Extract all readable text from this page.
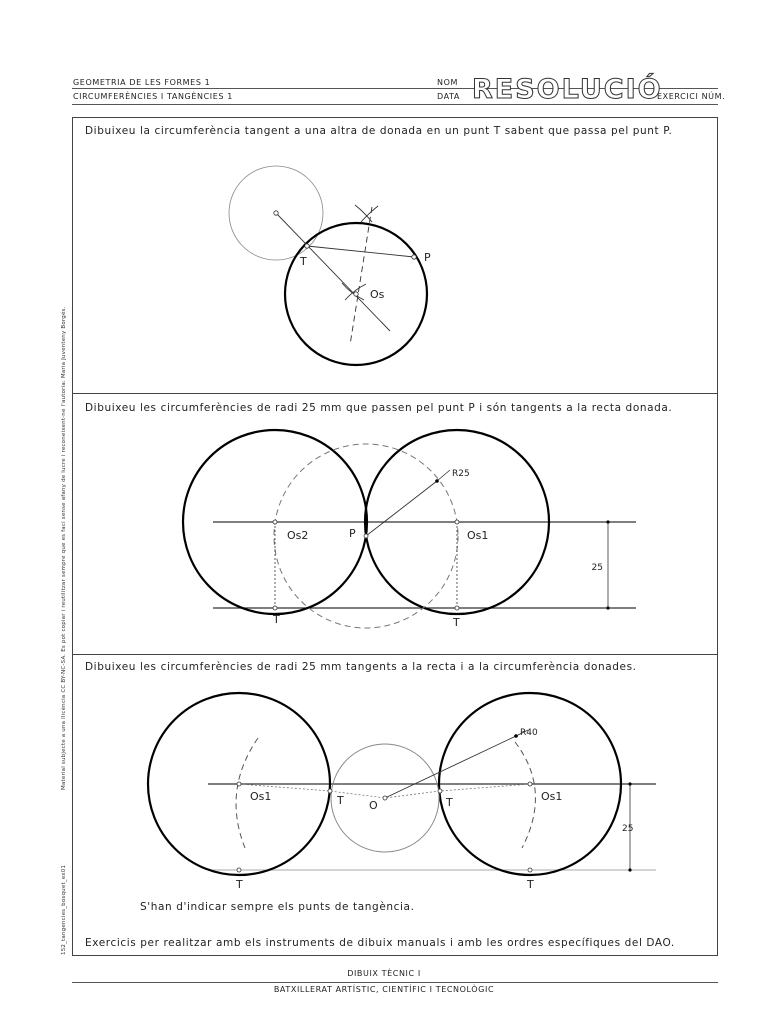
GEOMETRIA DE LES FORMES 1
CIRCUMFERÈNCIES I TANGÈNCIES 1
NOM
DATA RESOLUCIÓ
EXERCICI NÚM.
Material subjecte a una llicència CC BY-NC-SA. Es pot copiar i reutilitzar sempre que es faci sense afany de lucre i reconeixent-ne l'autoria: Maria Juventeny Borgés.
152_tangencies_bosquet_ex01
Dibuixeu la circumferència tangent a una altra de donada en un punt T sabent que passa pel punt P.
Dibuixeu les circumferències de radi 25 mm que passen pel punt P i són tangents a la recta donada.
Dibuixeu les circumferències de radi 25 mm tangents a la recta i a la circumferència donades.
T	P
Os
R25
Os2	P	Os1
25
T	T
R40
Os1	T O	T	Os1
25
T	T
S'han d'indicar sempre els punts de tangència.
Exercicis per realitzar amb els instruments de dibuix manuals i amb les ordres específiques del DAO.
DIBUIX TÈCNIC I
BATXILLERAT ARTÍSTIC, CIENTÍFIC I TECNOLÒGIC
